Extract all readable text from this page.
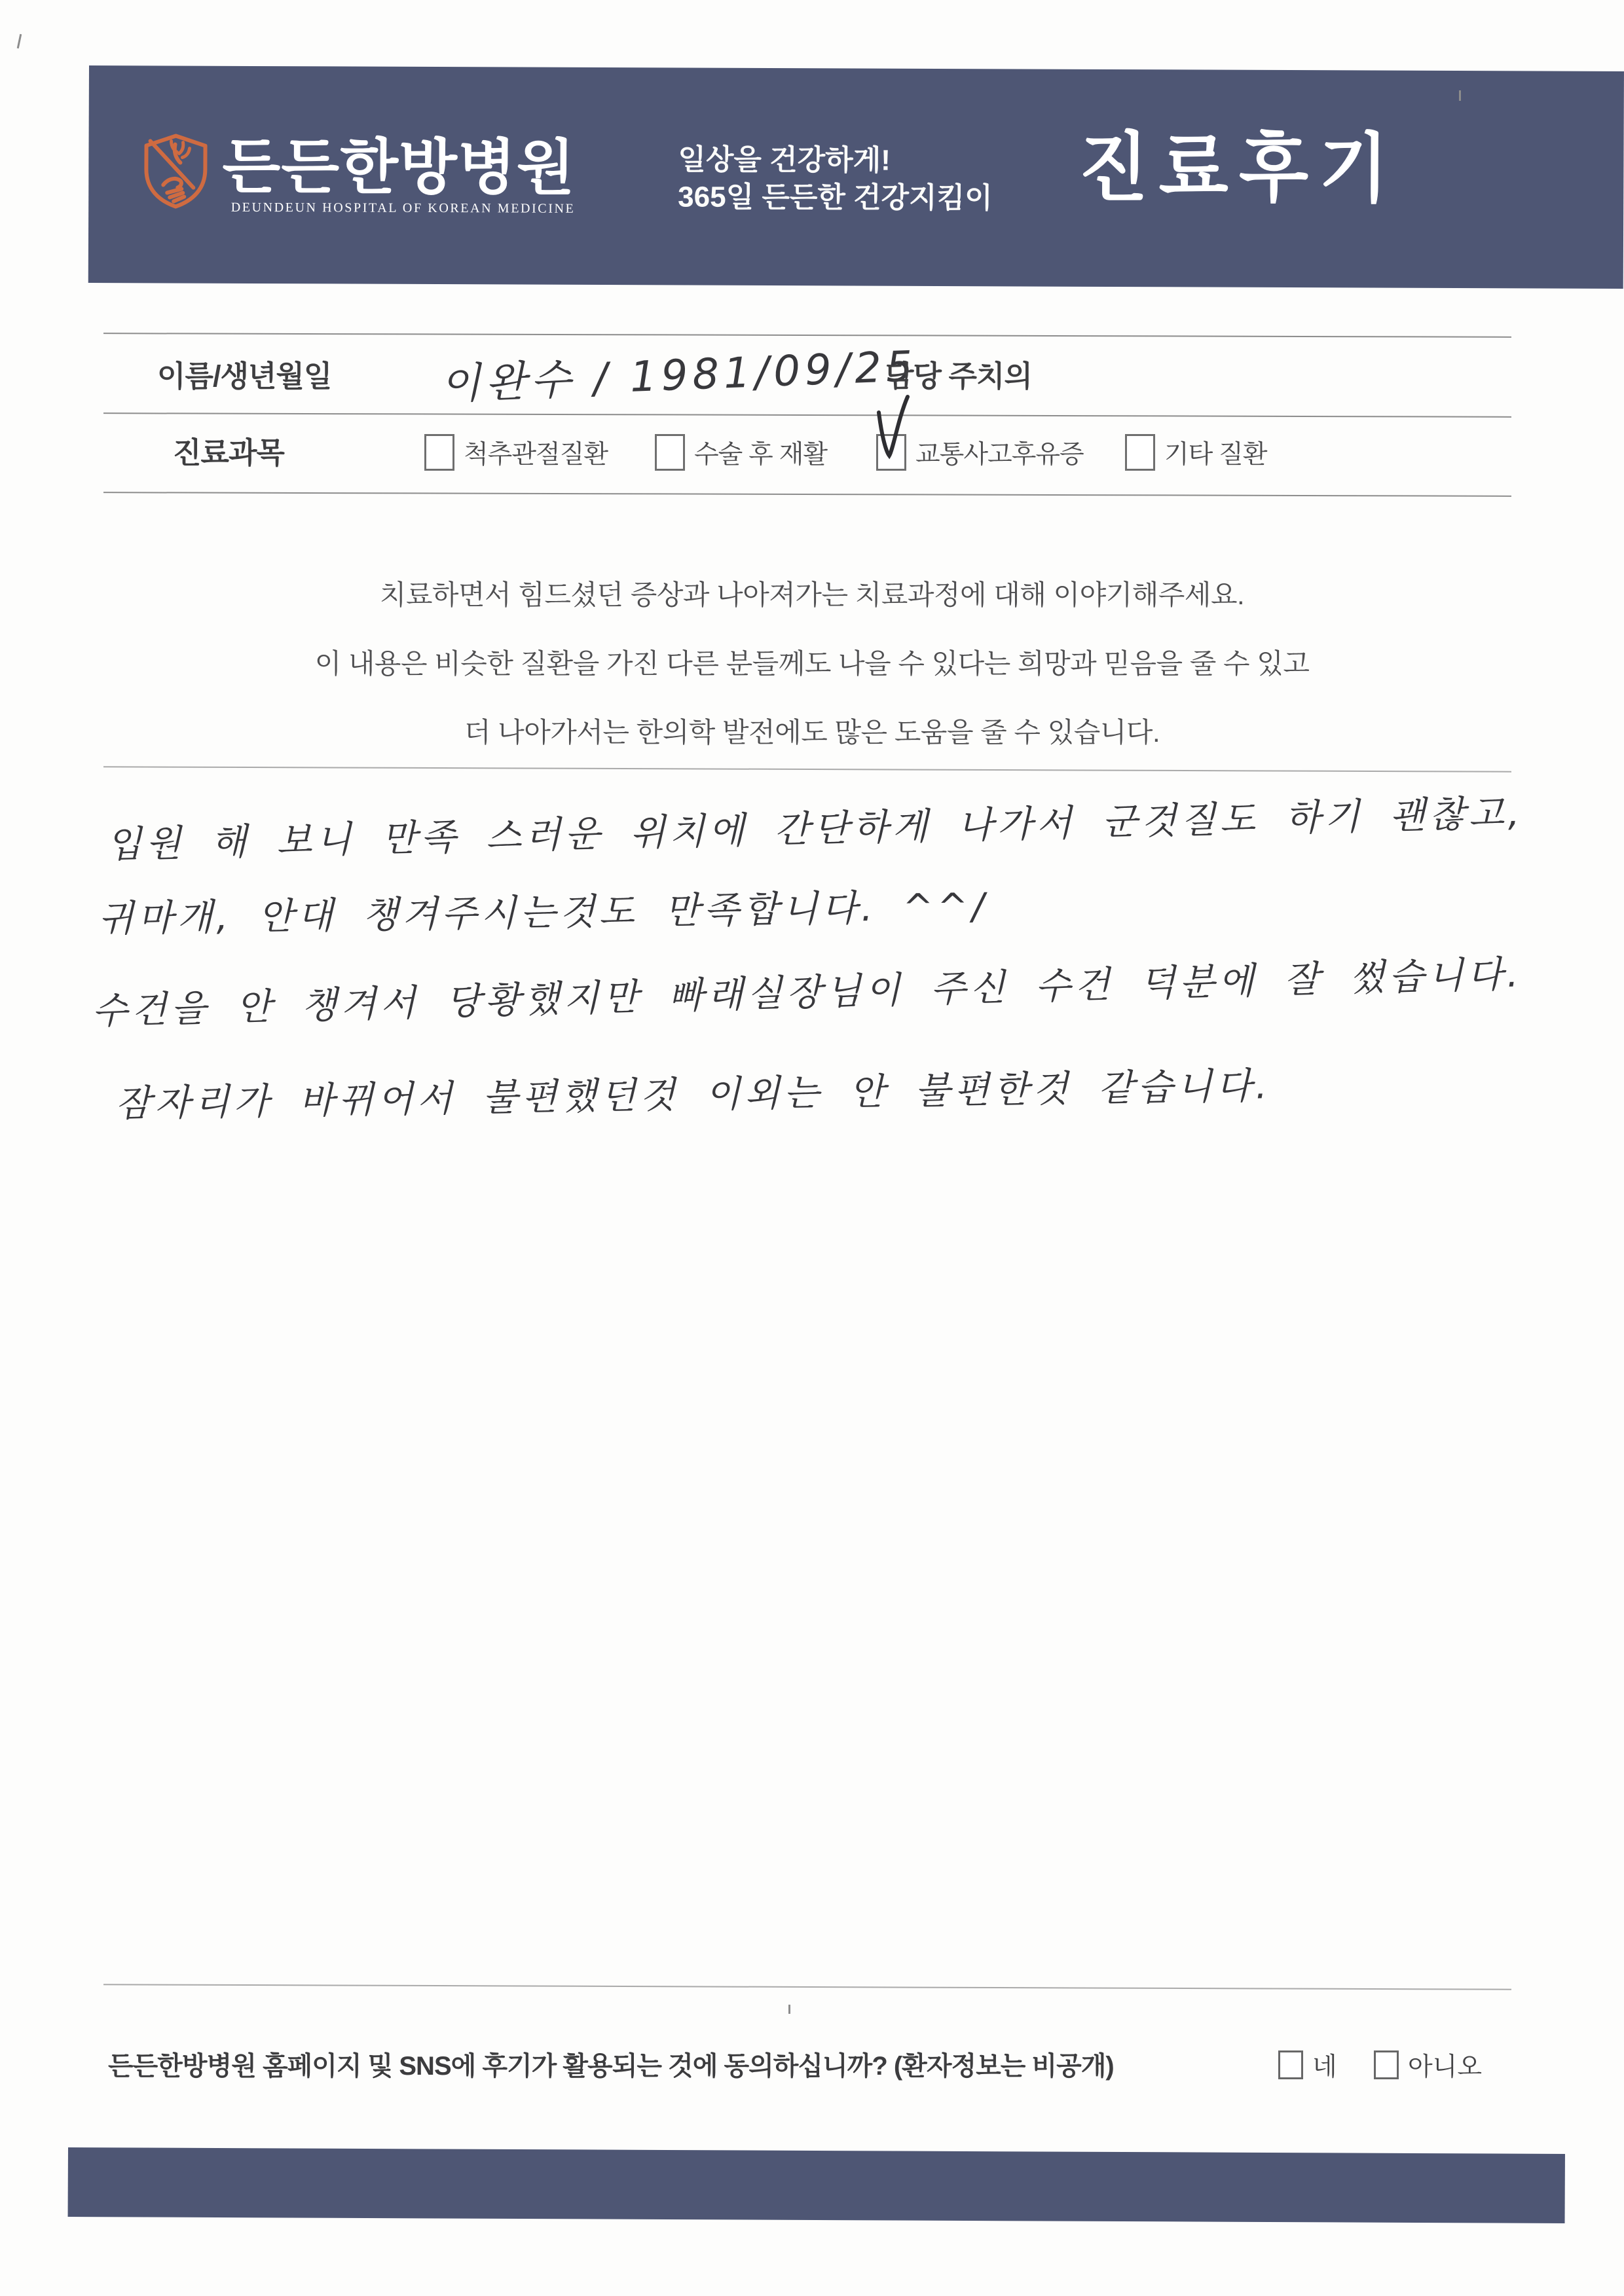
든든한방병원
DEUNDEUN HOSPITAL OF KOREAN MEDICINE
일상을 건강하게!
365일 든든한 건강지킴이 진료후기
이름/생년월일	이완수 / 1981/09/25
담당 주치의
진료과목	척추관절질환	수술 후 재활	교통사고후유증	기타 질환
치료하면서 힘드셨던 증상과 나아져가는 치료과정에 대해 이야기해주세요.
이 내용은 비슷한 질환을 가진 다른 분들께도 나을 수 있다는 희망과 믿음을 줄 수 있고
더 나아가서는 한의학 발전에도 많은 도움을 줄 수 있습니다.
입원 해 보니 만족 스러운 위치에 간단하게 나가서 군것질도 하기 괜찮고,
귀마개, 안대 챙겨주시는것도 만족합니다. ^^/
수건을 안 챙겨서 당황했지만 빠래실장님이 주신 수건 덕분에 잘 썼습니다.
잠자리가 바뀌어서 불편했던것 이외는 안 불편한것 같습니다.
든든한방병원 홈페이지 및 SNS에 후기가 활용되는 것에 동의하십니까? (환자정보는 비공개)	네	아니오
